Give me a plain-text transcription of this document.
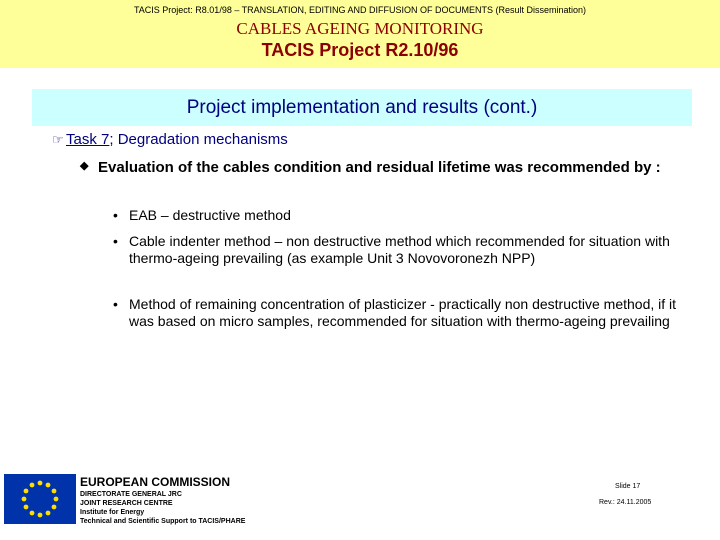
TACIS Project: R8.01/98 – TRANSLATION, EDITING AND DIFFUSION OF DOCUMENTS (Result Dissemination)
CABLES AGEING MONITORING
TACIS Project R2.10/96
Project implementation and results (cont.)
☞ Task 7; Degradation mechanisms
◆ Evaluation of the cables condition and residual lifetime was recommended by :
• EAB – destructive method
• Cable indenter method – non destructive method which recommended for situation with thermo-ageing prevailing (as example Unit 3 Novovoronezh NPP)
• Method of remaining concentration of plasticizer - practically non destructive method, if it was based on micro samples, recommended for situation with thermo-ageing prevailing
EUROPEAN COMMISSION
DIRECTORATE GENERAL JRC
JOINT RESEARCH CENTRE
Institute for Energy
Technical and Scientific Support to TACIS/PHARE
Slide 17
Rev.: 24.11.2005
